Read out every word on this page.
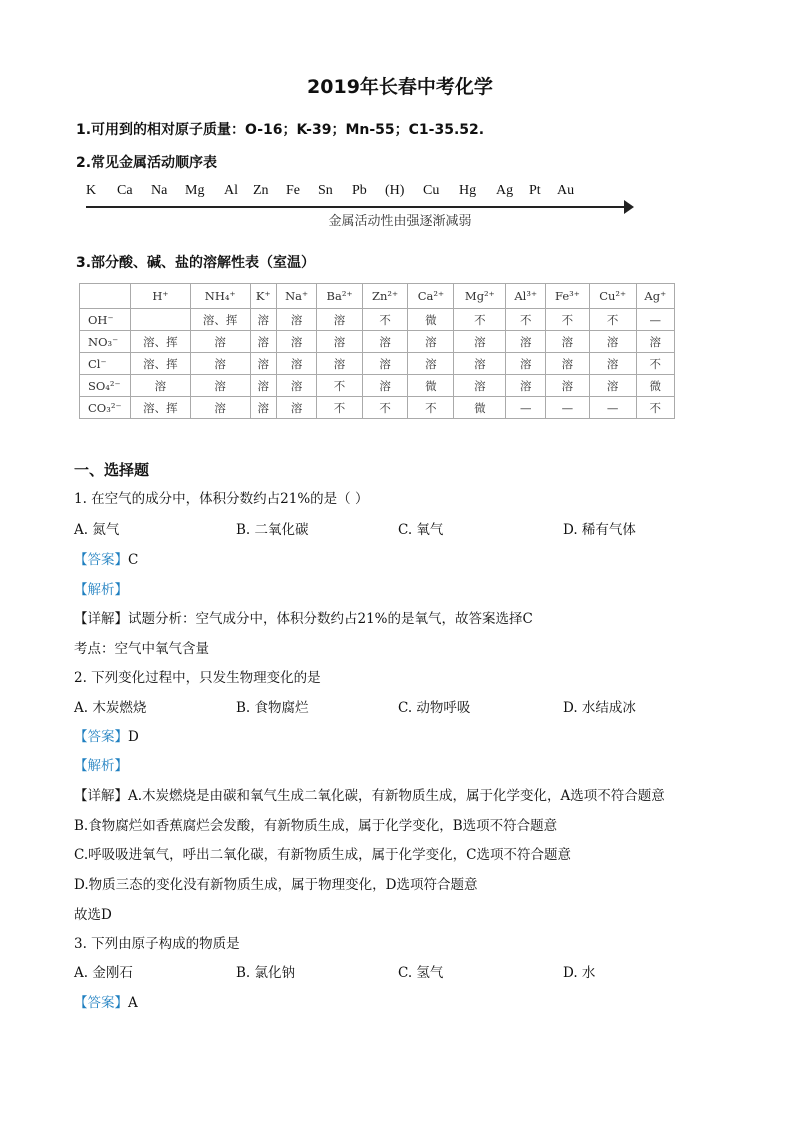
2019年长春中考化学
1.可用到的相对原子质量：O-16；K-39；Mn-55；C1-35.52.
2.常见金属活动顺序表
K	Ca	Na	Mg	Al	Zn	Fe	Sn	Pb	(H)	Cu	Hg	Ag	Pt	Au
金属活动性由强逐渐减弱
3.部分酸、碱、盐的溶解性表（室温）
	H⁺	NH₄⁺	K⁺	Na⁺	Ba²⁺	Zn²⁺	Ca²⁺	Mg²⁺	Al³⁺	Fe³⁺	Cu²⁺	Ag⁺
OH⁻		溶、挥	溶	溶	溶	不	微	不	不	不	不	—
NO₃⁻	溶、挥	溶	溶	溶	溶	溶	溶	溶	溶	溶	溶	溶
Cl⁻	溶、挥	溶	溶	溶	溶	溶	溶	溶	溶	溶	溶	不
SO₄²⁻	溶	溶	溶	溶	不	溶	微	溶	溶	溶	溶	微
CO₃²⁻	溶、挥	溶	溶	溶	不	不	不	微	—	—	—	不
一、选择题
1. 在空气的成分中，体积分数约占21%的是（ ）
A. 氮气	B. 二氧化碳	C. 氧气	D. 稀有气体
【答案】C
【解析】
【详解】试题分析：空气成分中，体积分数约占21%的是氧气，故答案选择C
考点：空气中氧气含量
2. 下列变化过程中，只发生物理变化的是
A. 木炭燃烧	B. 食物腐烂	C. 动物呼吸	D. 水结成冰
【答案】D
【解析】
【详解】A.木炭燃烧是由碳和氧气生成二氧化碳，有新物质生成，属于化学变化，A选项不符合题意
B.食物腐烂如香蕉腐烂会发酸，有新物质生成，属于化学变化，B选项不符合题意
C.呼吸吸进氧气，呼出二氧化碳，有新物质生成，属于化学变化，C选项不符合题意
D.物质三态的变化没有新物质生成，属于物理变化，D选项符合题意
故选D
3. 下列由原子构成的物质是
A. 金刚石	B. 氯化钠	C. 氢气	D. 水
【答案】A
